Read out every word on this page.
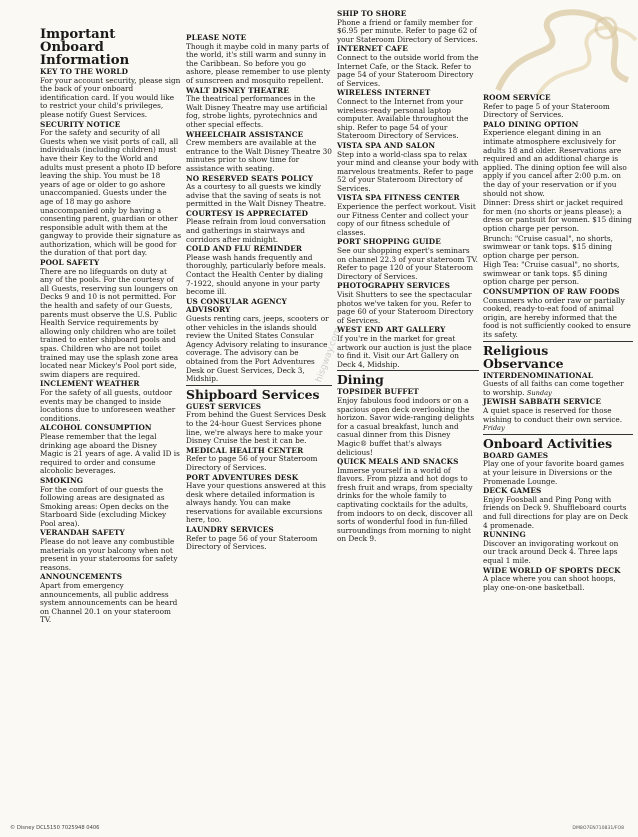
hisgway.com
Important Onboard Information
KEY TO THE WORLD
For your account security, please sign the back of your onboard identification card. If you would like to restrict your child's privileges, please notify Guest Services.
SECURITY NOTICE
For the safety and security of all Guests when we visit ports of call, all individuals (including children) must have their Key to the World and adults must present a photo ID before leaving the ship. You must be 18 years of age or older to go ashore unaccompanied. Guests under the age of 18 may go ashore unaccompanied only by having a consenting parent, guardian or other responsible adult with them at the gangway to provide their signature as authorization, which will be good for the duration of that port day.
POOL SAFETY
There are no lifeguards on duty at any of the pools. For the courtesy of all Guests, reserving sun loungers on Decks 9 and 10 is not permitted. For the health and safety of our Guests, parents must observe the U.S. Public Health Service requirements by allowing only children who are toilet trained to enter shipboard pools and spas. Children who are not toilet trained may use the splash zone area located near Mickey's Pool port side, swim diapers are required.
INCLEMENT WEATHER
For the safety of all guests, outdoor events may be changed to inside locations due to unforeseen weather conditions.
ALCOHOL CONSUMPTION
Please remember that the legal drinking age aboard the Disney Magic is 21 years of age. A valid ID is required to order and consume alcoholic beverages.
SMOKING
For the comfort of our guests the following areas are designated as Smoking areas: Open decks on the Starboard Side (excluding Mickey Pool area).
VERANDAH SAFETY
Please do not leave any combustible materials on your balcony when not present in your staterooms for safety reasons.
ANNOUNCEMENTS
Apart from emergency announcements, all public address system announcements can be heard on Channel 20.1 on your stateroom TV.
PLEASE NOTE
Though it maybe cold in many parts of the world, it's still warm and sunny in the Caribbean. So before you go ashore, please remember to use plenty of sunscreen and mosquito repellent.
WALT DISNEY THEATRE
The theatrical performances in the Walt Disney Theatre may use artificial fog, strobe lights, pyrotechnics and other special effects.
WHEELCHAIR ASSISTANCE
Crew members are available at the entrance to the Walt Disney Theatre 30 minutes prior to show time for assistance with seating.
NO RESERVED SEATS POLICY
As a courtesy to all guests we kindly advise that the saving of seats is not permitted in the Walt Disney Theatre.
COURTESY IS APPRECIATED
Please refrain from loud conversation and gatherings in stairways and corridors after midnight.
COLD AND FLU REMINDER
Please wash hands frequently and thoroughly, particularly before meals. Contact the Health Center by dialing 7-1922, should anyone in your party become ill.
US CONSULAR AGENCY ADVISORY
Guests renting cars, jeeps, scooters or other vehicles in the islands should review the United States Consular Agency Advisory relating to insurance coverage. The advisory can be obtained from the Port Adventures Desk or Guest Services, Deck 3, Midship.
Shipboard Services
GUEST SERVICES
From behind the Guest Services Desk to the 24-hour Guest Services phone line, we're always here to make your Disney Cruise the best it can be.
MEDICAL HEALTH CENTER
Refer to page 56 of your Stateroom Directory of Services.
PORT ADVENTURES DESK
Have your questions answered at this desk where detailed information is always handy. You can make reservations for available excursions here, too.
LAUNDRY SERVICES
Refer to page 56 of your Stateroom Directory of Services.
SHIP TO SHORE
Phone a friend or family member for $6.95 per minute. Refer to page 62 of your Stateroom Directory of Services.
INTERNET CAFE
Connect to the outside world from the Internet Cafe, or the Stack. Refer to page 54 of your Stateroom Directory of Services.
WIRELESS INTERNET
Connect to the Internet from your wireless-ready personal laptop computer. Available throughout the ship. Refer to page 54 of your Stateroom Directory of Services.
VISTA SPA AND SALON
Step into a world-class spa to relax your mind and cleanse your body with marvelous treatments. Refer to page 52 of your Stateroom Directory of Services.
VISTA SPA FITNESS CENTER
Experience the perfect workout. Visit our Fitness Center and collect your copy of our fitness schedule of classes.
PORT SHOPPING GUIDE
See our shopping expert's seminars on channel 22.3 of your stateroom TV. Refer to page 120 of your Stateroom Directory of Services.
PHOTOGRAPHY SERVICES
Visit Shutters to see the spectacular photos we've taken for you. Refer to page 60 of your Stateroom Directory of Services.
WEST END ART GALLERY
If you're in the market for great artwork our auction is just the place to find it. Visit our Art Gallery on Deck 4, Midship.
Dining
TOPSIDER BUFFET
Enjoy fabulous food indoors or on a spacious open deck overlooking the horizon. Savor wide-ranging delights for a casual breakfast, lunch and casual dinner from this Disney Magic® buffet that's always delicious!
QUICK MEALS AND SNACKS
Immerse yourself in a world of flavors. From pizza and hot dogs to fresh fruit and wraps, from specialty drinks for the whole family to captivating cocktails for the adults, from indoors to on deck, discover all sorts of wonderful food in fun-filled surroundings from morning to night on Deck 9.
ROOM SERVICE
Refer to page 5 of your Stateroom Directory of Services.
PALO DINING OPTION
Experience elegant dining in an intimate atmosphere exclusively for adults 18 and older. Reservations are required and an additional charge is applied. The dining option fee will also apply if you cancel after 2:00 p.m. on the day of your reservation or if you should not show.
Dinner: Dress shirt or jacket required for men (no shorts or jeans please); a dress or pantsuit for women. $15 dining option charge per person.
Brunch: "Cruise casual", no shorts, swimwear or tank tops. $15 dining option charge per person.
High Tea: "Cruise casual", no shorts, swimwear or tank tops. $5 dining option charge per person.
CONSUMPTION OF RAW FOODS
Consumers who order raw or partially cooked, ready-to-eat food of animal origin, are hereby informed that the food is not sufficiently cooked to ensure its safety.
Religious Observance
INTERDENOMINATIONAL
Guests of all faiths can come together to worship. Sunday
JEWISH SABBATH SERVICE
A quiet space is reserved for those wishing to conduct their own service. Friday
Onboard Activities
BOARD GAMES
Play one of your favorite board games at your leisure in Diversions or the Promenade Lounge.
DECK GAMES
Enjoy Foosball and Ping Pong with friends on Deck 9. Shuffleboard courts and full directions for play are on Deck 4 promenade.
RUNNING
Discover an invigorating workout on our track around Deck 4. Three laps equal 1 mile.
WIDE WORLD OF SPORTS DECK
A place where you can shoot hoops, play one-on-one basketball.
© Disney DCL5150 7025948 0406	DM8O7EN710831/FO8
